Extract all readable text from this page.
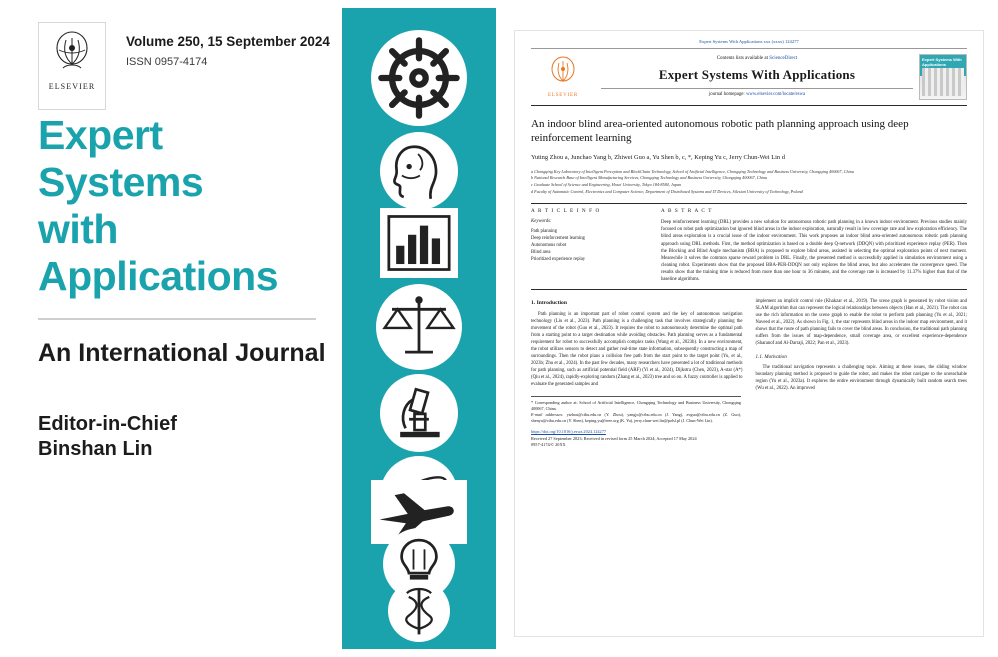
ELSEVIER
Volume 250, 15 September 2024
ISSN 0957-4174
Expert
Systems
with
Applications
An International Journal
Editor-in-Chief
Binshan Lin
Expert Systems With Applications xxx (xxxx) 124277
ELSEVIER
Contents lists available at ScienceDirect
Expert Systems With Applications
journal homepage: www.elsevier.com/locate/eswa
Expert Systems With Applications
An indoor blind area-oriented autonomous robotic path planning approach using deep reinforcement learning
Yuting Zhou a, Junchao Yang b, Zhiwei Guo a, Yu Shen b, c, *, Keping Yu c, Jerry Chun-Wei Lin d
a Chongqing Key Laboratory of Intelligent Perception and BlockChain Technology, School of Artificial Intelligence, Chongqing Technology and Business University, Chongqing 400067, China
b National Research Base of Intelligent Manufacturing Services, Chongqing Technology and Business University, Chongqing 400067, China
c Graduate School of Science and Engineering, Hosei University, Tokyo 184-8584, Japan
d Faculty of Automatic Control, Electronics and Computer Science, Department of Distributed Systems and IT Devices, Silesian University of Technology, Poland
A R T I C L E I N F O
Keywords:
Path planning
Deep reinforcement learning
Autonomous robot
Blind area
Prioritized experience replay
A B S T R A C T
Deep reinforcement learning (DRL) provides a new solution for autonomous robotic path planning in a known indoor environment. Previous studies mainly focused on robot path optimization but ignored blind areas in the indoor exploration, naturally result in low coverage rate and low exploration efficiency. The blind areas exploration is a crucial issue of the indoor environment. This work proposes an indoor blind area-oriented autonomous robotic path planning approach using DRL methods. First, the method optimization is based on a double deep Q-network (DDQN) with prioritized experience replay (PER). Then the Blocking and Blind Angle mechanism (BBA) is proposed to explore blind areas, assisted in selecting the optimal exploration points of next moment. Meanwhile it solves the common sparse reward problem in DRL. Finally, the presented method is successfully applied in simulation environment using a cleaning robot. Experiments show that the proposed BBA-PER-DDQN not only explores the blind areas, but also accelerates the convergence speed. The results show that the training time is reduced from more than one hour to 36 minutes, and the coverage rate is increased by 11.37% higher than that of the baseline algorithms.
1. Introduction

Path planning is an important part of robot control system and the key of autonomous navigation technology (Liu et al., 2023). Path planning is a challenging task that involves strategically planning the movement of the robot (Guo et al., 2023). It requires the robot to autonomously determine the optimal path from a starting point to a target destination while avoiding obstacles. Path planning serves as a fundamental requirement for robot to successfully accomplish complex tasks (Wang et al., 2023b). In a new environment, the robot utilizes sensors to detect and gather real-time state information, subsequently constructing a map of surroundings. Then the robot plans a collision free path from the start point to the target point (Yu, et al., 2023b; Zhu et al., 2024). In the past few decades, many researchers have presented a lot of traditional methods for path planning, such as artificial potential field (ARF) (Yi et al., 2024), Dijkstra (Chen, 2023), A-star (A*) (Qiu et al., 2024), rapidly-exploring random (Zhang et al., 2023) tree and so on. A fuzzy controller is applied to evaluate the generated samples and

* Corresponding author at: School of Artificial Intelligence, Chongqing Technology and Business University, Chongqing 400067, China.
E-mail addresses: ytzhou@ctbu.edu.cn (Y. Zhou), yangjc@ctbu.edu.cn (J. Yang), zvguo@ctbu.edu.cn (Z. Guo), shenyu@ctbu.edu.cn (Y. Shen), keping.yu@ieee.org (K. Yu), jerry.chun-wei.lin@polsl.pl (J. Chun-Wei Lin).
https://doi.org/10.1016/j.eswa.2024.124277
Received 27 September 2023; Received in revised form 25 March 2024; Accepted 17 May 2024
0957-4174/© 20XX

implement an implicit control rule (Khakzar et al., 2019). The scene graph is generated by robot vision and SLAM algorithm that can represent the logical relationships between objects (Han et al., 2021). The robot can use the rich information on the scene graph to enable the robot to perform path planning (Yu et al., 2021; Naveed et al., 2022). As shown in Fig. 1, the star represents blind areas in the indoor map environment, and it shows that the route of path planning fails to cover the blind areas. In conclusion, the traditional path planning suffers from the issues of map-dependence, small coverage area, or excellent experience-dependence (Sharanof and Al-Darraji, 2022; Pan et al., 2023).

1.1. Motivation

The traditional navigation represents a challenging topic. Aiming at these issues, the sliding window boundary planning method is proposed to guide the robot, and makes the robot navigate to the unreachable region (Yu et al., 2023a). It explores the entire environment through dynamically built random search trees (Wu et al., 2022). An improved
